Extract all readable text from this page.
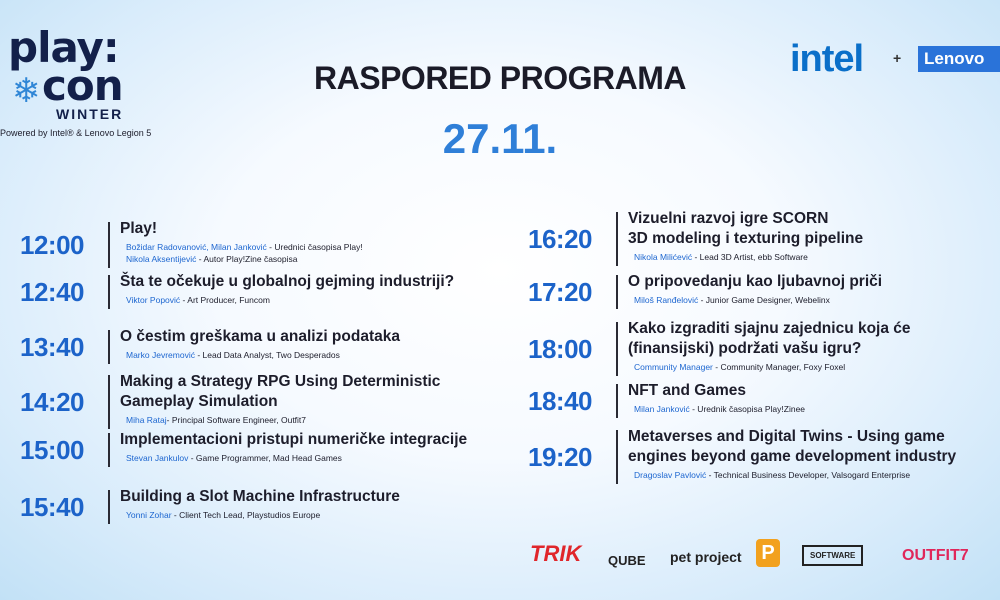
play:
❄ con
WINTER
Powered by Intel® & Lenovo Legion 5
RASPORED PROGRAMA
27.11.
intel +	Lenovo
12:00
Play!
Božidar Radovanović, Milan Janković - Urednici časopisa Play!
Nikola Aksentijević - Autor Play!Zine časopisa
12:40	Šta te očekuje u globalnoj gejming industriji?
Viktor Popović - Art Producer, Funcom
13:40	O čestim greškama u analizi podataka
Marko Jevremović - Lead Data Analyst, Two Desperados
14:20
Making a Strategy RPG Using Deterministic
Gameplay Simulation
Miha Rataj- Principal Software Engineer, Outfit7
15:00	Implementacioni pristupi numeričke integracije
Stevan Jankulov - Game Programmer, Mad Head Games
15:40	Building a Slot Machine Infrastructure
Yonni Zohar - Client Tech Lead, Playstudios Europe
16:20
Vizuelni razvoj igre SCORN
3D modeling i texturing pipeline
Nikola Milićević - Lead 3D Artist, ebb Software
17:20	O pripovedanju kao ljubavnoj priči
Miloš Ranđelović - Junior Game Designer, Webelinx
18:00
Kako izgraditi sjajnu zajednicu koja će
(finansijski) podržati vašu igru?
Community Manager - Community Manager, Foxy Foxel
18:40	NFT and Games
Milan Janković - Urednik časopisa Play!Zinee
19:20
Metaverses and Digital Twins - Using game
engines beyond game development industry
Dragoslav Pavlović - Technical Business Developer, Valsogard Enterprise
TRIK QUBE pet project P	SOFTWARE	OUTFIT7
